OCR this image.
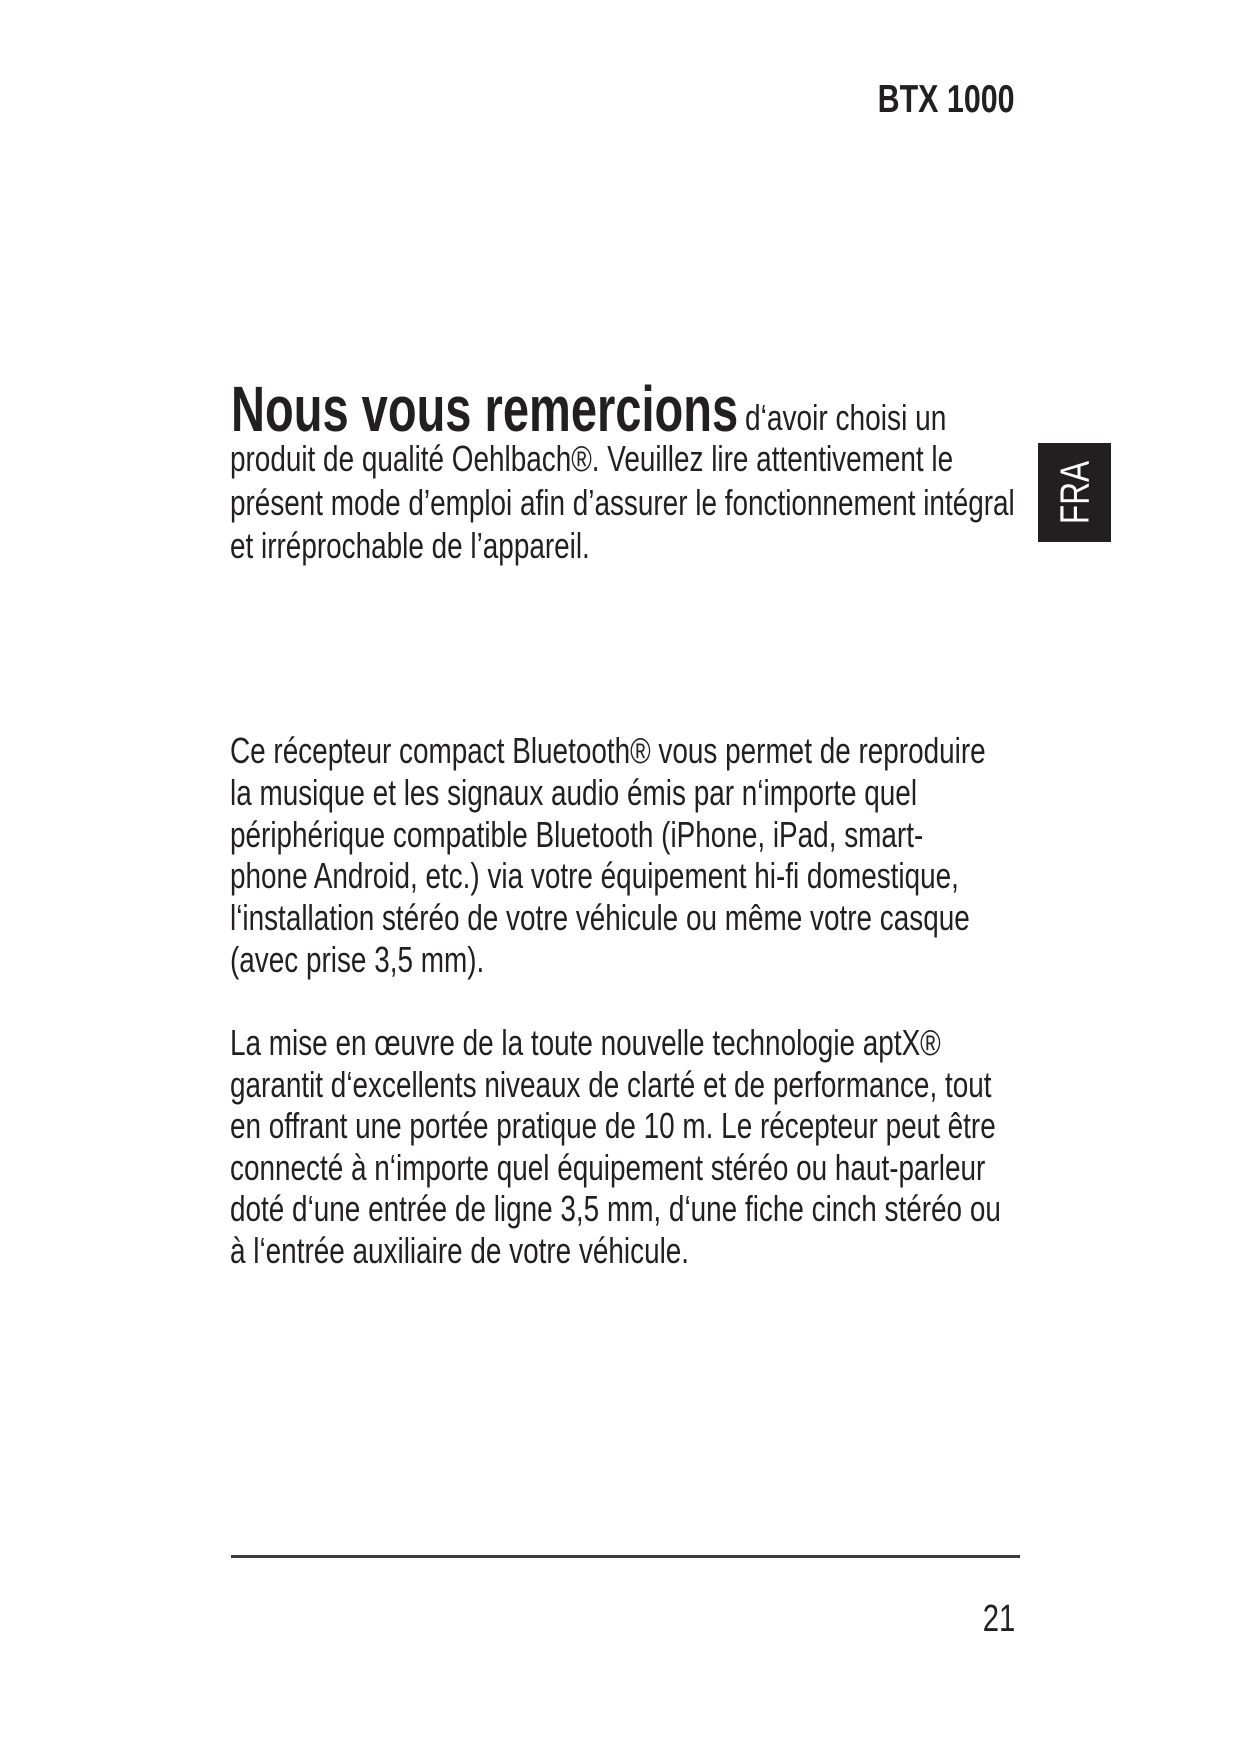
BTX 1000
FRA
Nous vous remercions d‘avoir choisi un
produit de qualité Oehlbach®. Veuillez lire attentivement le
présent mode d’emploi afin d’assurer le fonctionnement intégral
et irréprochable de l’appareil.
Ce récepteur compact Bluetooth® vous permet de reproduire
la musique et les signaux audio émis par n‘importe quel
périphérique compatible Bluetooth (iPhone, iPad, smart-
phone Android, etc.) via votre équipement hi-fi domestique,
l‘installation stéréo de votre véhicule ou même votre casque
(avec prise 3,5 mm).
La mise en œuvre de la toute nouvelle technologie aptX®
garantit d‘excellents niveaux de clarté et de performance, tout
en offrant une portée pratique de 10 m. Le récepteur peut être
connecté à n‘importe quel équipement stéréo ou haut-parleur
doté d‘une entrée de ligne 3,5 mm, d‘une fiche cinch stéréo ou
à l‘entrée auxiliaire de votre véhicule.
21
